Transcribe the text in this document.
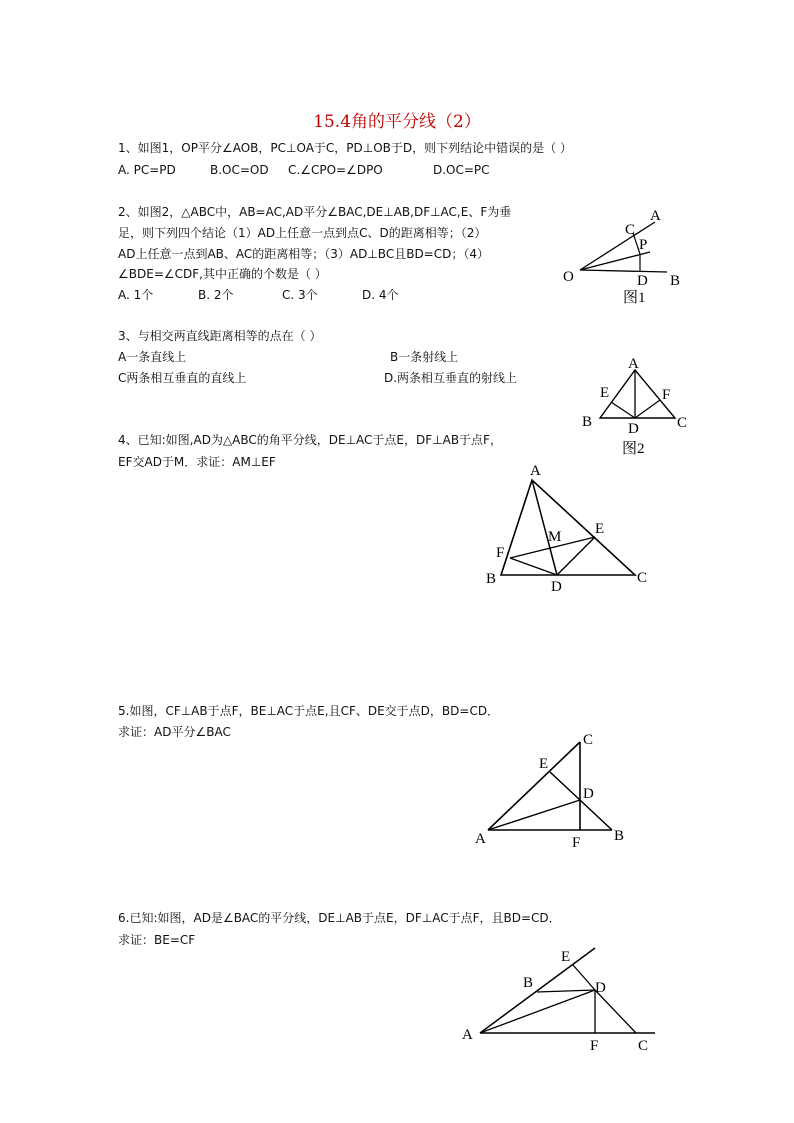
15.4角的平分线（2）
1、如图1，OP平分∠AOB，PC⊥OA于C，PD⊥OB于D，则下列结论中错误的是（ ）
A. PC=PD	B.OC=OD C.∠CPO=∠DPO	D.OC=PC
2、如图2，△ABC中，AB=AC,AD平分∠BAC,DE⊥AB,DF⊥AC,E、F为垂
足，则下列四个结论（1）AD上任意一点到点C、D的距离相等；（2）
AD上任意一点到AB、AC的距离相等；（3）AD⊥BC且BD=CD；（4）
∠BDE=∠CDF,其中正确的个数是（ ）
A. 1个	B. 2个	C. 3个	D. 4个
3、与相交两直线距离相等的点在（ ）
A一条直线上	B一条射线上
C两条相互垂直的直线上	D.两条相互垂直的射线上
4、已知:如图,AD为△ABC的角平分线，DE⊥AC于点E，DF⊥AB于点F，
EF交AD于M．求证：AM⊥EF
5.如图，CF⊥AB于点F，BE⊥AC于点E,且CF、DE交于点D，BD=CD．
求证：AD平分∠BAC
6.已知:如图，AD是∠BAC的平分线，DE⊥AB于点E，DF⊥AC于点F，且BD=CD．
求证：BE=CF
A
C
P
O	D B
图1
A
E	F
B D	C
图2
A
M E
F
B	D
C
C
E
D
A	F B
E
B	D
A
F	C
